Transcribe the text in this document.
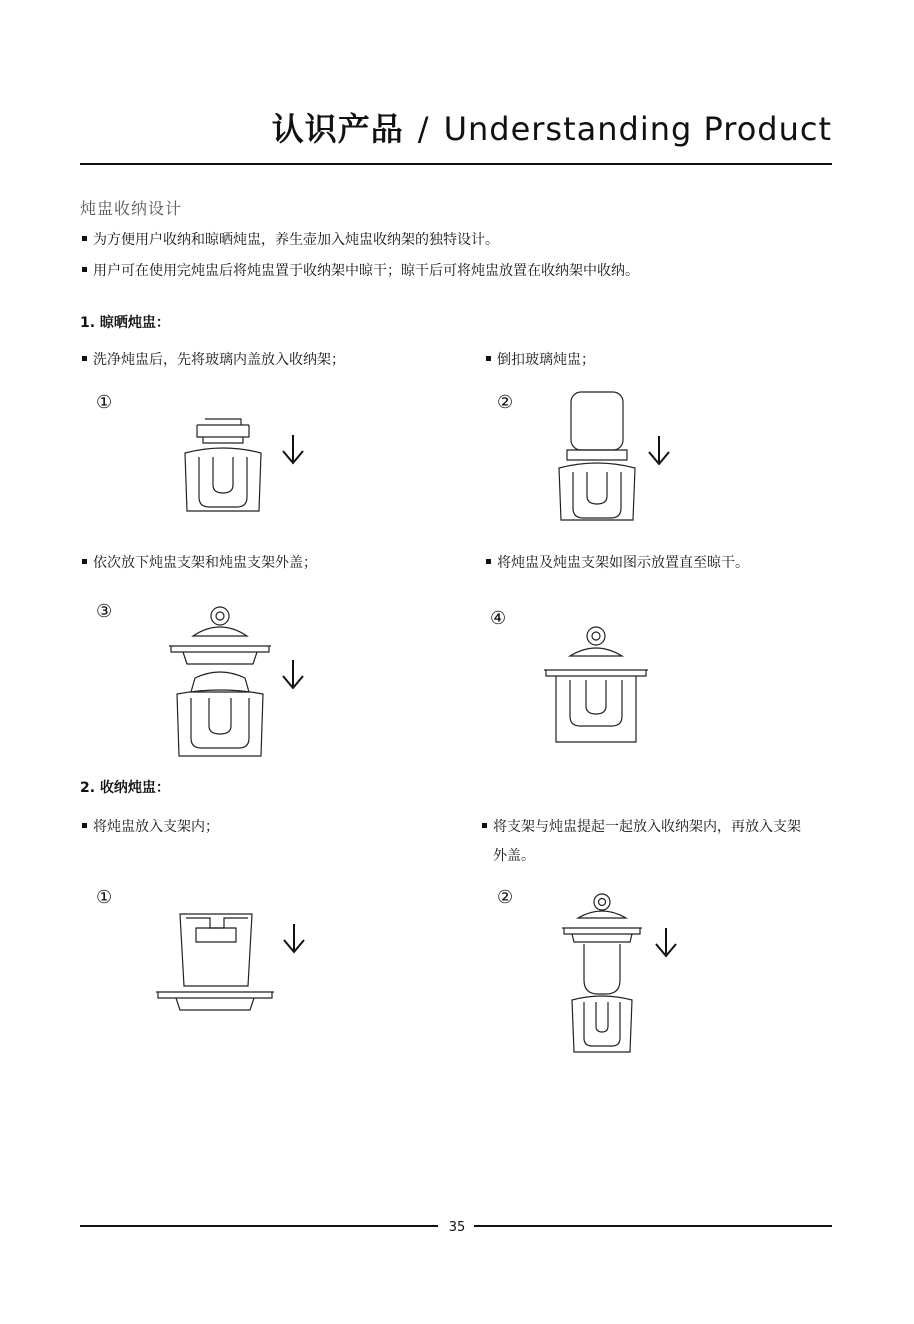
认识产品 / Understanding Product
炖盅收纳设计
为方便用户收纳和晾晒炖盅，养生壶加入炖盅收纳架的独特设计。
用户可在使用完炖盅后将炖盅置于收纳架中晾干；晾干后可将炖盅放置在收纳架中收纳。
1. 晾晒炖盅：
洗净炖盅后，先将玻璃内盖放入收纳架；	倒扣玻璃炖盅；
①	②
依次放下炖盅支架和炖盅支架外盖；	将炖盅及炖盅支架如图示放置直至晾干。
③	④
2. 收纳炖盅：
将炖盅放入支架内；	将支架与炖盅提起一起放入收纳架内，再放入支架
外盖。
①	②
35
